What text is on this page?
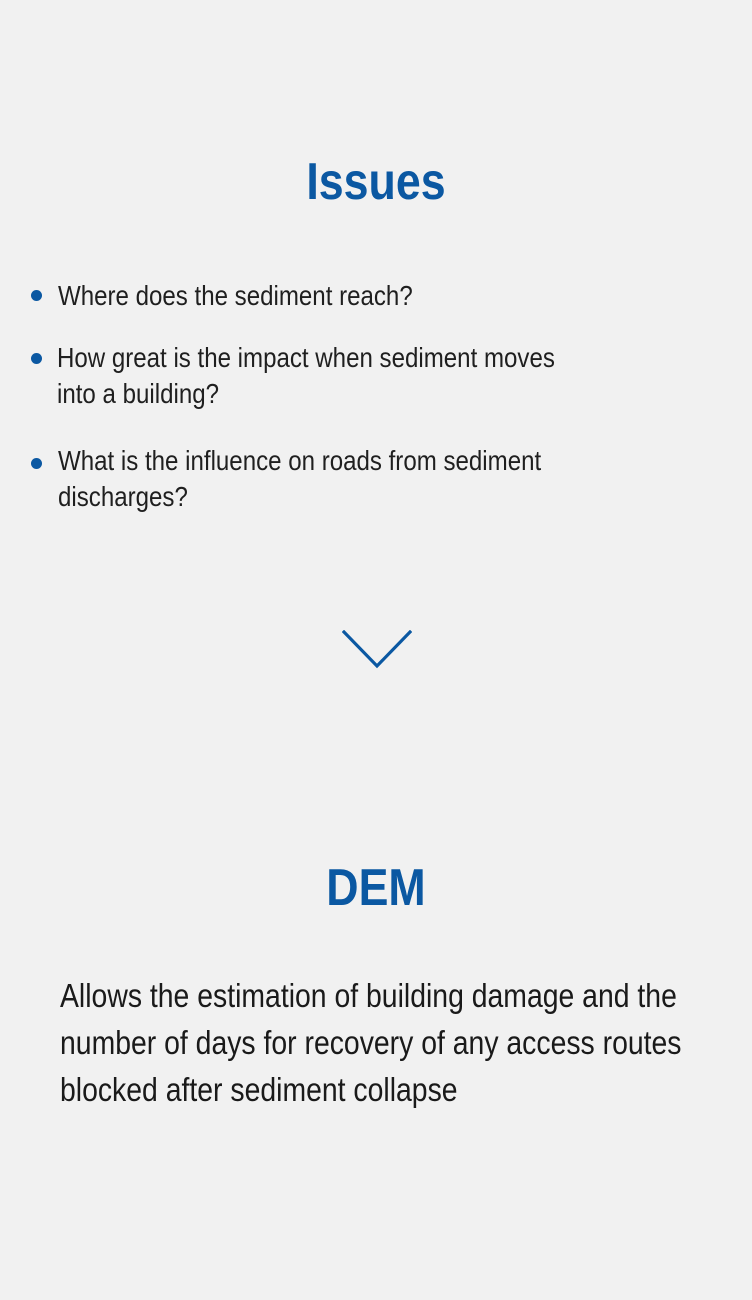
Issues
Where does the sediment reach?
How great is the impact when sediment moves
into a building?
What is the influence on roads from sediment discharges?
DEM

Allows the estimation of building damage and the
number of days for recovery of any access routes
blocked after sediment collapse
